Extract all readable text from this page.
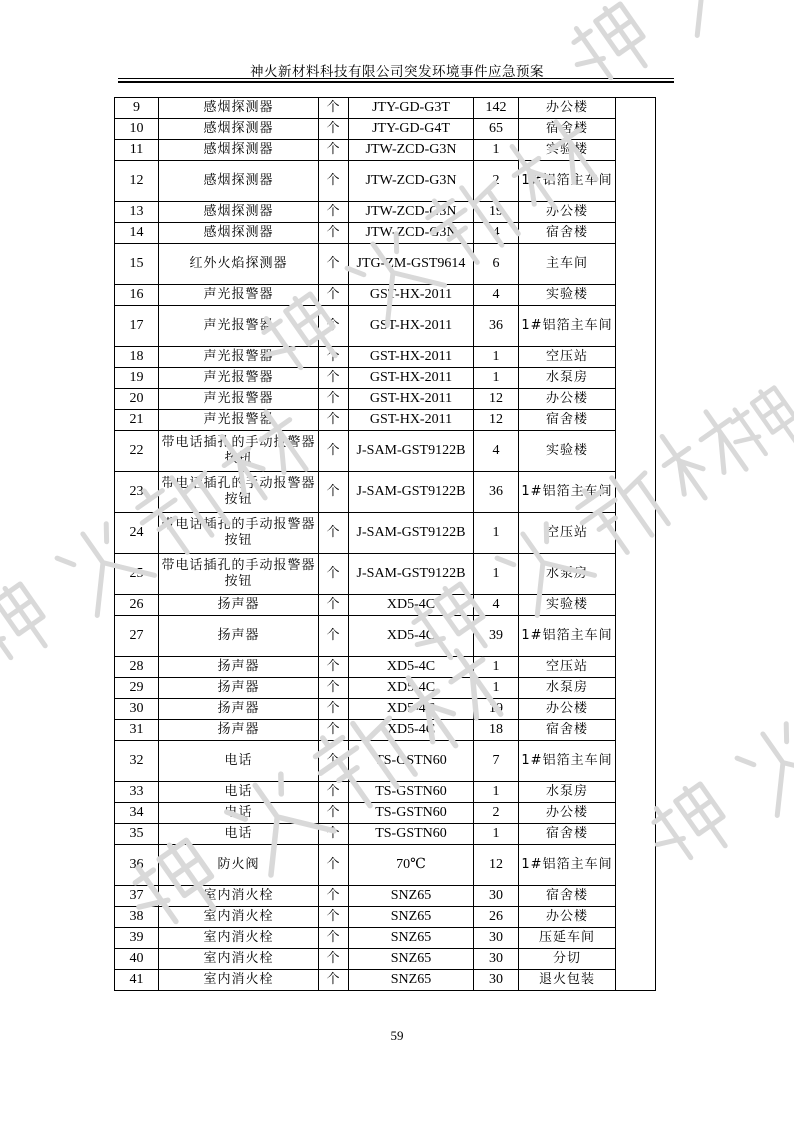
神火新材料科技有限公司突发环境事件应急预案
9	感烟探测器	个	JTY-GD-G3T	142	办公楼	
10	感烟探测器	个	JTY-GD-G4T	65	宿舍楼	
11	感烟探测器	个	JTW-ZCD-G3N	1	实验楼	
12	感烟探测器	个	JTW-ZCD-G3N	2	1#铝箔主车间	
13	感烟探测器	个	JTW-ZCD-G3N	19	办公楼	
14	感烟探测器	个	JTW-ZCD-G3N	4	宿舍楼	
15	红外火焰探测器	个	JTG-ZM-GST9614	6	主车间	
16	声光报警器	个	GST-HX-2011	4	实验楼	
17	声光报警器	个	GST-HX-2011	36	1#铝箔主车间	
18	声光报警器	个	GST-HX-2011	1	空压站	
19	声光报警器	个	GST-HX-2011	1	水泵房	
20	声光报警器	个	GST-HX-2011	12	办公楼	
21	声光报警器	个	GST-HX-2011	12	宿舍楼	
22	带电话插孔的手动报警器按钮	个	J-SAM-GST9122B	4	实验楼	
23	带电话插孔的手动报警器按钮	个	J-SAM-GST9122B	36	1#铝箔主车间	
24	带电话插孔的手动报警器按钮	个	J-SAM-GST9122B	1	空压站	
25	带电话插孔的手动报警器按钮	个	J-SAM-GST9122B	1	水泵房	
26	扬声器	个	XD5-4C	4	实验楼	
27	扬声器	个	XD5-4C	39	1#铝箔主车间	
28	扬声器	个	XD5-4C	1	空压站	
29	扬声器	个	XD5-4C	1	水泵房	
30	扬声器	个	XD5-4C	19	办公楼	
31	扬声器	个	XD5-4C	18	宿舍楼	
32	电话	个	TS-GSTN60	7	1#铝箔主车间	
33	电话	个	TS-GSTN60	1	水泵房	
34	电话	个	TS-GSTN60	2	办公楼	
35	电话	个	TS-GSTN60	1	宿舍楼	
36	防火阀	个	70℃	12	1#铝箔主车间	
37	室内消火栓	个	SNZ65	30	宿舍楼	
38	室内消火栓	个	SNZ65	26	办公楼	
39	室内消火栓	个	SNZ65	30	压延车间	
40	室内消火栓	个	SNZ65	30	分切	
41	室内消火栓	个	SNZ65	30	退火包装	
59
